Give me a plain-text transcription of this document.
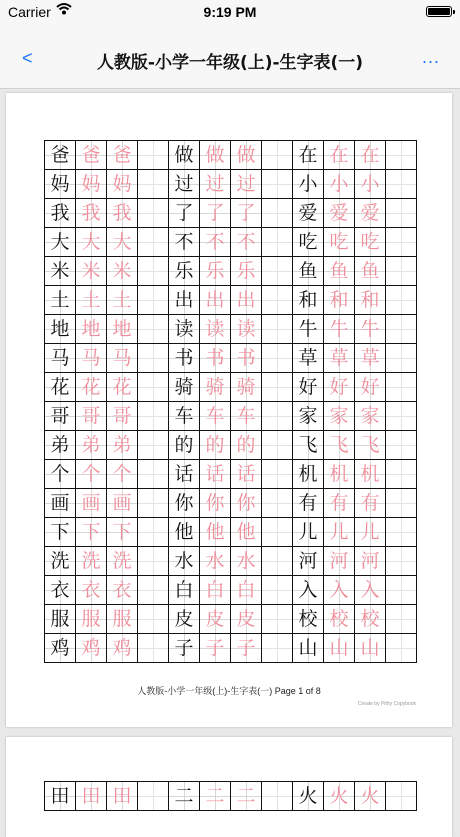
Carrier	9:19 PM
<	人教版-小学一年级(上)-生字表(一)	...
爸	爸	爸		做	做	做		在	在	在	

妈	妈	妈		过	过	过		小	小	小	

我	我	我		了	了	了		爱	爱	爱	

大	大	大		不	不	不		吃	吃	吃	

米	米	米		乐	乐	乐		鱼	鱼	鱼	

土	土	土		出	出	出		和	和	和	

地	地	地		读	读	读		牛	牛	牛	

马	马	马		书	书	书		草	草	草	

花	花	花		骑	骑	骑		好	好	好	

哥	哥	哥		车	车	车		家	家	家	

弟	弟	弟		的	的	的		飞	飞	飞	

个	个	个		话	话	话		机	机	机	

画	画	画		你	你	你		有	有	有	

下	下	下		他	他	他		儿	儿	儿	

洗	洗	洗		水	水	水		河	河	河	

衣	衣	衣		白	白	白		入	入	入	

服	服	服		皮	皮	皮		校	校	校	

鸡	鸡	鸡		子	子	子		山	山	山	

人教版-小学一年级(上)-生字表(一) Page 1 of 8
Create by Pithy Copybook
田	田	田		二	二	二		火	火	火
